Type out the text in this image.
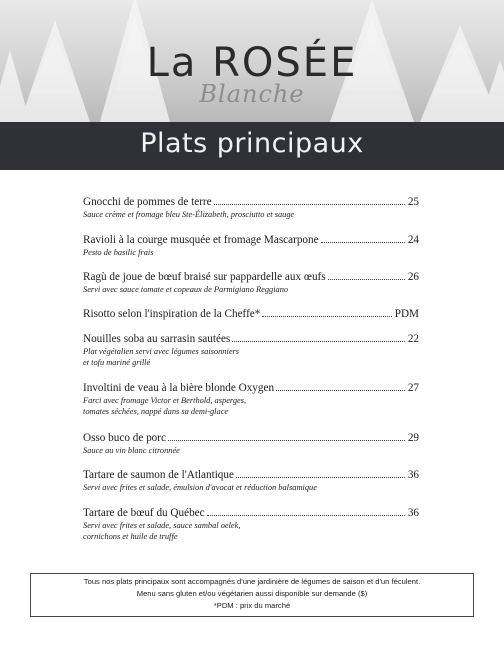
La ROSÉE
Blanche
Plats principaux
Gnocchi de pommes de terre	25
Sauce crème et fromage bleu Ste-Élizabeth, prosciutto et sauge
Ravioli à la courge musquée et fromage Mascarpone	24
Pesto de basilic frais
Ragù de joue de bœuf braisé sur pappardelle aux œufs	26
Servi avec sauce tomate et copeaux de Parmigiano Reggiano
Risotto selon l'inspiration de la Cheffe*	PDM
Nouilles soba au sarrasin sautées	22
Plat végétalien servi avec légumes saisonniers
et tofu mariné grillé
Involtini de veau à la bière blonde Oxygen	27
Farci avec fromage Victor et Berthold, asperges,
tomates séchées, nappé dans sa demi-glace
Osso buco de porc	29
Sauce au vin blanc citronnée
Tartare de saumon de l'Atlantique	36
Servi avec frites et salade, émulsion d'avocat et réduction balsamique
Tartare de bœuf du Québec	36
Servi avec frites et salade, sauce sambal oelek,
cornichons et huile de truffe
Tous nos plats principaux sont accompagnés d'une jardinière de légumes de saison et d'un féculent.
Menu sans gluten et/ou végétarien aussi disponible sur demande ($)
*PDM : prix du marché
